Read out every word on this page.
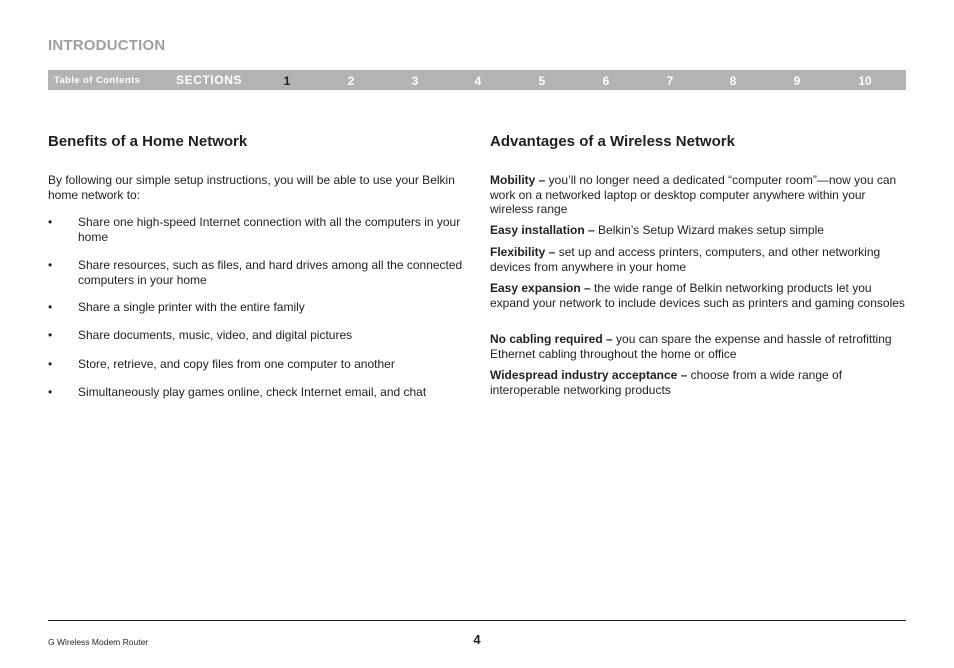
INTRODUCTION
Table of Contents	SECTIONS	1	2	3	4	5	6	7	8	9	10
Benefits of a Home Network
By following our simple setup instructions, you will be able to use your Belkin home network to:
• Share one high-speed Internet connection with all the computers in your home
• Share resources, such as files, and hard drives among all the connected computers in your home
• Share a single printer with the entire family
• Share documents, music, video, and digital pictures
• Store, retrieve, and copy files from one computer to another
• Simultaneously play games online, check Internet email, and chat
Advantages of a Wireless Network
Mobility – you’ll no longer need a dedicated “computer room”—now you can work on a networked laptop or desktop computer anywhere within your wireless range
Easy installation – Belkin’s Setup Wizard makes setup simple
Flexibility – set up and access printers, computers, and other networking devices from anywhere in your home
Easy expansion – the wide range of Belkin networking products let you expand your network to include devices such as printers and gaming consoles
No cabling required – you can spare the expense and hassle of retrofitting Ethernet cabling throughout the home or office
Widespread industry acceptance – choose from a wide range of interoperable networking products
G Wireless Modem Router	4
